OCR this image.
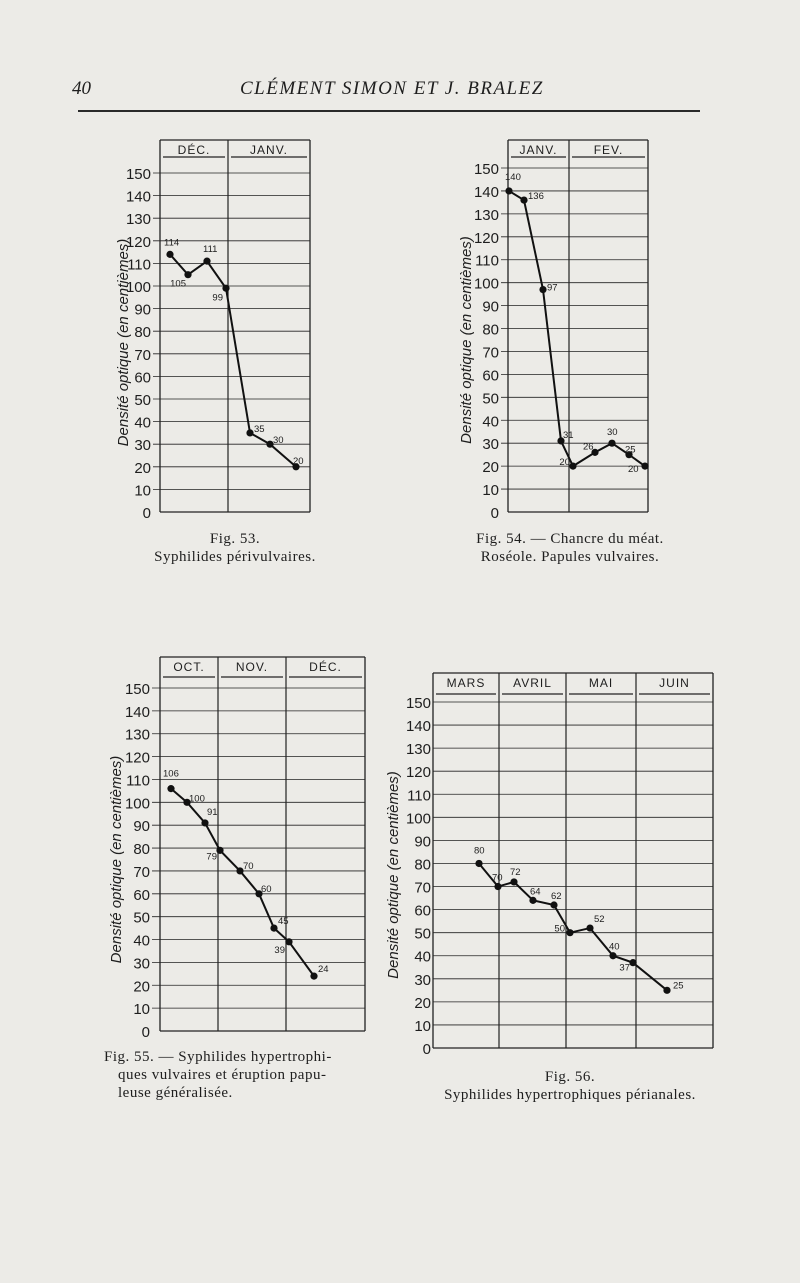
40	CLÉMENT SIMON ET J. BRALEZ
0
10
20
30
40
50
60
70
80
90
100
110
120
130
140
150
DÉC.	JANV.
Densité optique (en centièmes)	114
105
111
99
35
30
20
0
10
20
30
40
50
60
70
80
90
100
110
120
130
140
150
JANV.	FEV.
Densité optique (en centièmes)
140
136
97
31
20
26
30
25
20
0
10
20
30
40
50
60
70
80
90
100
110
120
130
140
150
OCT.	NOV.	DÉC.
Densité optique (en centièmes)	106
100
91
79
70
60
45
39
24
0
10
20
30
40
50
60
70
80
90
100
110
120
130
140
150
MARS AVRIL	MAI	JUIN
Densité optique (en centièmes)	80
70
72
64 62
50
52
40
37
25
Fig. 53.
Syphilides périvulvaires.
Fig. 54. — Chancre du méat.
Roséole. Papules vulvaires.
Fig. 55. — Syphilides hypertrophi-
ques vulvaires et éruption papu-
leuse généralisée.
Fig. 56.
Syphilides hypertrophiques périanales.
